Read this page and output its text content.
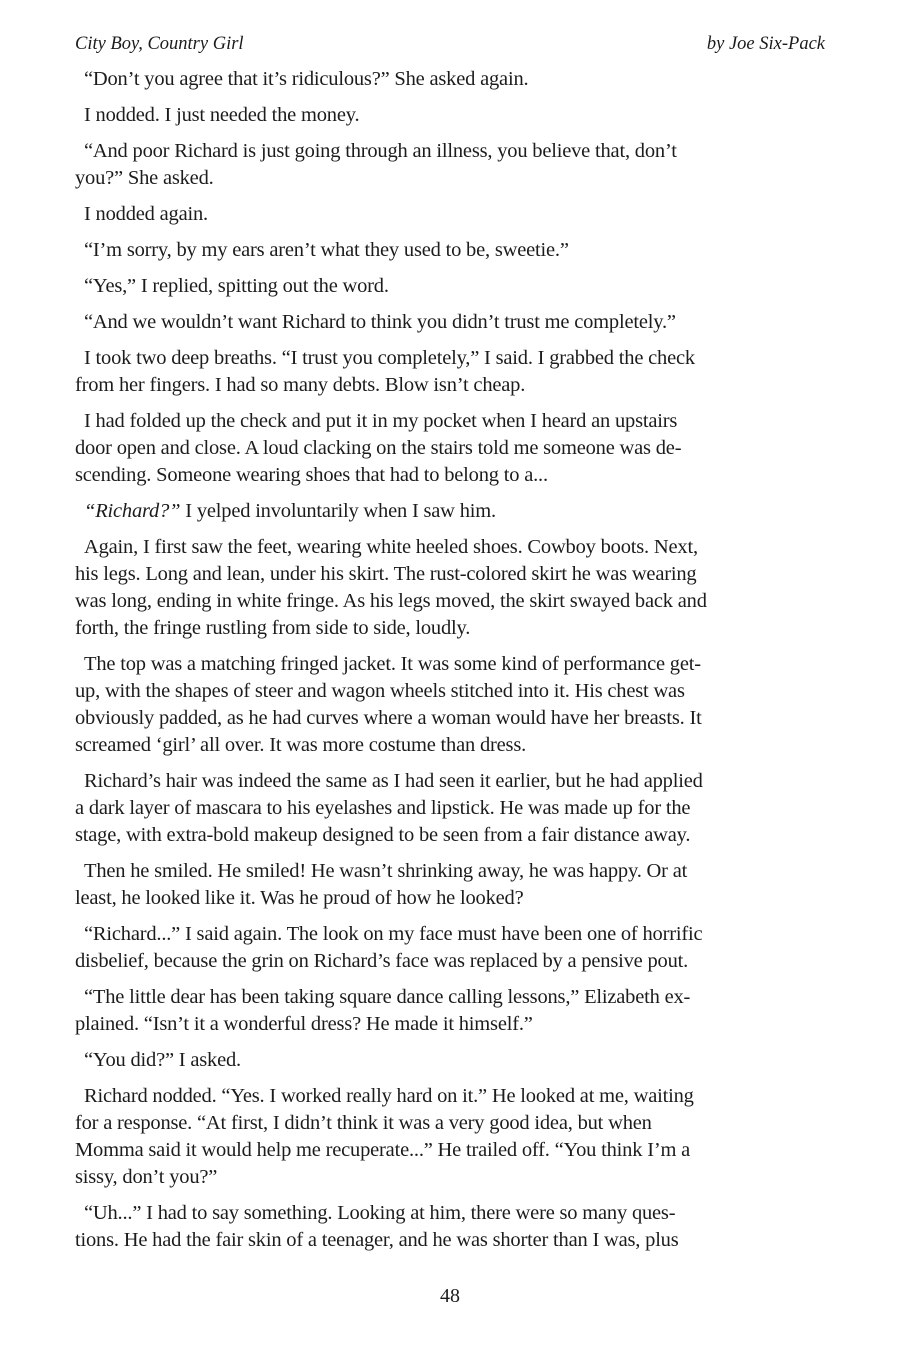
City Boy, Country Girl	by Joe Six-Pack

“Don’t you agree that it’s ridiculous?” She asked again.

I nodded. I just needed the money.

“And poor Richard is just going through an illness, you believe that, don’t
you?” She asked.

I nodded again.

“I’m sorry, by my ears aren’t what they used to be, sweetie.”

“Yes,” I replied, spitting out the word.

“And we wouldn’t want Richard to think you didn’t trust me completely.”

I took two deep breaths. “I trust you completely,” I said. I grabbed the check
from her fingers. I had so many debts. Blow isn’t cheap.

I had folded up the check and put it in my pocket when I heard an upstairs
door open and close. A loud clacking on the stairs told me someone was de-
scending. Someone wearing shoes that had to belong to a...

“Richard?” I yelped involuntarily when I saw him.

Again, I first saw the feet, wearing white heeled shoes. Cowboy boots. Next,
his legs. Long and lean, under his skirt. The rust-colored skirt he was wearing
was long, ending in white fringe. As his legs moved, the skirt swayed back and
forth, the fringe rustling from side to side, loudly.

The top was a matching fringed jacket. It was some kind of performance get-
up, with the shapes of steer and wagon wheels stitched into it. His chest was
obviously padded, as he had curves where a woman would have her breasts. It
screamed ‘girl’ all over. It was more costume than dress.

Richard’s hair was indeed the same as I had seen it earlier, but he had applied
a dark layer of mascara to his eyelashes and lipstick. He was made up for the
stage, with extra-bold makeup designed to be seen from a fair distance away.

Then he smiled. He smiled! He wasn’t shrinking away, he was happy. Or at
least, he looked like it. Was he proud of how he looked?

“Richard...” I said again. The look on my face must have been one of horrific
disbelief, because the grin on Richard’s face was replaced by a pensive pout.

“The little dear has been taking square dance calling lessons,” Elizabeth ex-
plained. “Isn’t it a wonderful dress? He made it himself.”

“You did?” I asked.

Richard nodded. “Yes. I worked really hard on it.” He looked at me, waiting
for a response. “At first, I didn’t think it was a very good idea, but when
Momma said it would help me recuperate...” He trailed off. “You think I’m a
sissy, don’t you?”

“Uh...” I had to say something. Looking at him, there were so many ques-
tions. He had the fair skin of a teenager, and he was shorter than I was, plus

48
